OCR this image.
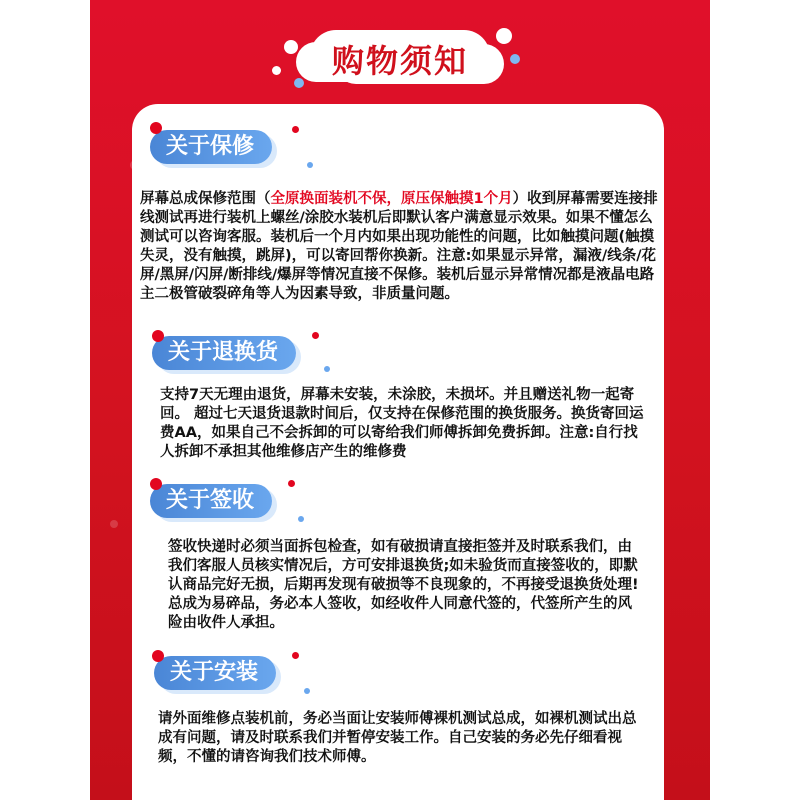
购物须知
关于保修
屏幕总成保修范围（全原换面装机不保，原压保触摸1个月）收到屏幕需要连接排线测试再进行装机上螺丝/涂胶水装机后即默认客户满意显示效果。如果不懂怎么测试可以咨询客服。装机后一个月内如果出现功能性的问题，比如触摸问题(触摸失灵，没有触摸，跳屏)，可以寄回帮你换新。注意:如果显示异常，漏液/线条/花屏/黑屏/闪屏/断排线/爆屏等情况直接不保修。装机后显示异常情况都是液晶电路主二极管破裂碎角等人为因素导致，非质量问题。
关于退换货
支持7天无理由退货，屏幕未安装，未涂胶，未损坏。并且赠送礼物一起寄回。 超过七天退货退款时间后，仅支持在保修范围的换货服务。换货寄回运费AA，如果自己不会拆卸的可以寄给我们师傅拆卸免费拆卸。注意:自行找人拆卸不承担其他维修店产生的维修费
关于签收
签收快递时必须当面拆包检查，如有破损请直接拒签并及时联系我们，由我们客服人员核实情况后，方可安排退换货;如未验货而直接签收的，即默认商品完好无损，后期再发现有破损等不良现象的，不再接受退换货处理!总成为易碎品，务必本人签收，如经收件人同意代签的，代签所产生的风险由收件人承担。
关于安装
请外面维修点装机前，务必当面让安装师傅裸机测试总成，如裸机测试出总成有问题，请及时联系我们并暂停安装工作。自己安装的务必先仔细看视频，不懂的请咨询我们技术师傅。
